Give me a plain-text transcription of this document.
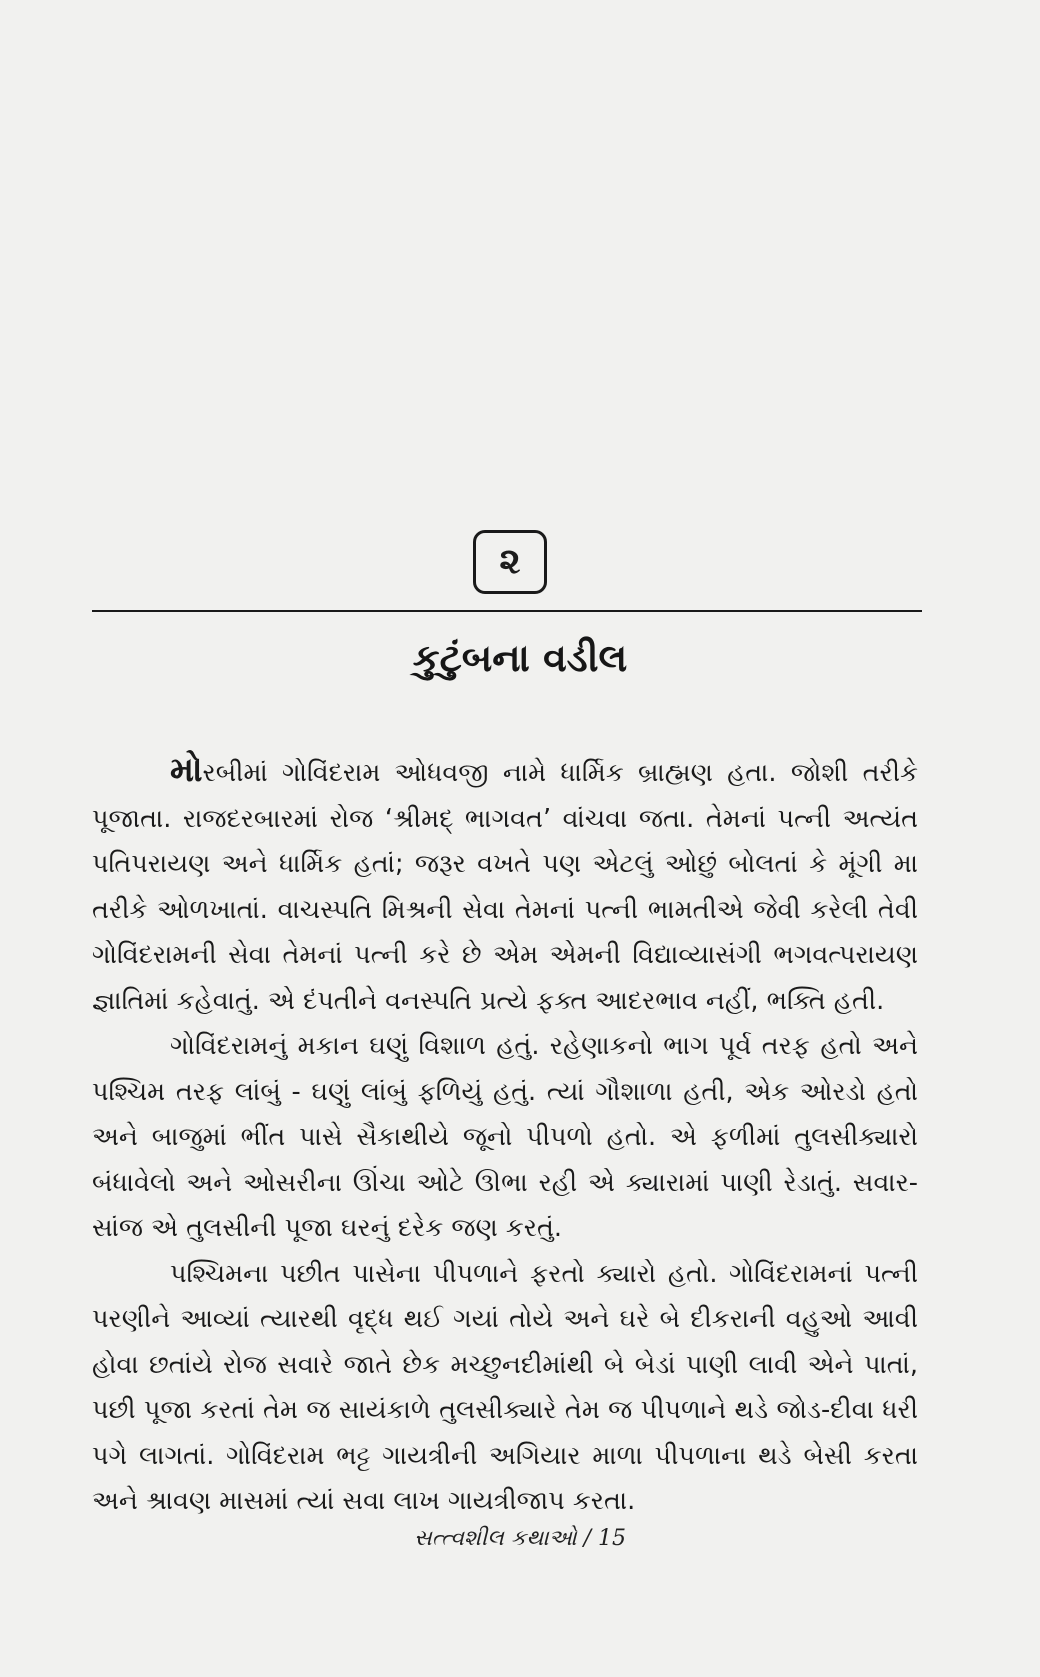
૨
કુટુંબના વડીલ

મોરબીમાં ગોવિંદરામ ઓધવજી નામે ધાર્મિક બ્રાહ્મણ હતા. જોશી તરીકે પૂજાતા. રાજદરબારમાં રોજ ‘શ્રીમદ્ ભાગવત’ વાંચવા જતા. તેમનાં પત્ની અત્યંત પતિપરાયણ અને ધાર્મિક હતાં; જરૂર વખતે પણ એટલું ઓછું બોલતાં કે મૂંગી મા તરીકે ઓળખાતાં. વાચસ્પતિ મિશ્રની સેવા તેમનાં પત્ની ભામતીએ જેવી કરેલી તેવી ગોવિંદરામની સેવા તેમનાં પત્ની કરે છે એમ એમની વિદ્યાવ્યાસંગી ભગવત્પરાયણ જ્ઞાતિમાં કહેવાતું. એ દંપતીને વનસ્પતિ પ્રત્યે ફક્ત આદરભાવ નહીં, ભક્તિ હતી.

ગોવિંદરામનું મકાન ઘણું વિશાળ હતું. રહેણાકનો ભાગ પૂર્વ તરફ હતો અને પશ્ચિમ તરફ લાંબું - ઘણું લાંબું ફળિયું હતું. ત્યાં ગૌશાળા હતી, એક ઓરડો હતો અને બાજુમાં ભીંત પાસે સૈકાથીયે જૂનો પીપળો હતો. એ ફળીમાં તુલસીક્યારો બંધાવેલો અને ઓસરીના ઊંચા ઓટે ઊભા રહી એ ક્યારામાં પાણી રેડાતું. સવાર-સાંજ એ તુલસીની પૂજા ઘરનું દરેક જણ કરતું.

પશ્ચિમના પછીત પાસેના પીપળાને ફરતો ક્યારો હતો. ગોવિંદરામનાં પત્ની પરણીને આવ્યાં ત્યારથી વૃદ્ધ થઈ ગયાં તોયે અને ઘરે બે દીકરાની વહુઓ આવી હોવા છતાંયે રોજ સવારે જાતે છેક મચ્છુનદીમાંથી બે બેડાં પાણી લાવી એને પાતાં, પછી પૂજા કરતાં તેમ જ સાયંકાળે તુલસીક્યારે તેમ જ પીપળાને થડે જોડ-દીવા ધરી પગે લાગતાં. ગોવિંદરામ ભટ્ટ ગાયત્રીની અગિયાર માળા પીપળાના થડે બેસી કરતા અને શ્રાવણ માસમાં ત્યાં સવા લાખ ગાયત્રીજાપ કરતા.

સત્ત્વશીલ કથાઓ / 15
